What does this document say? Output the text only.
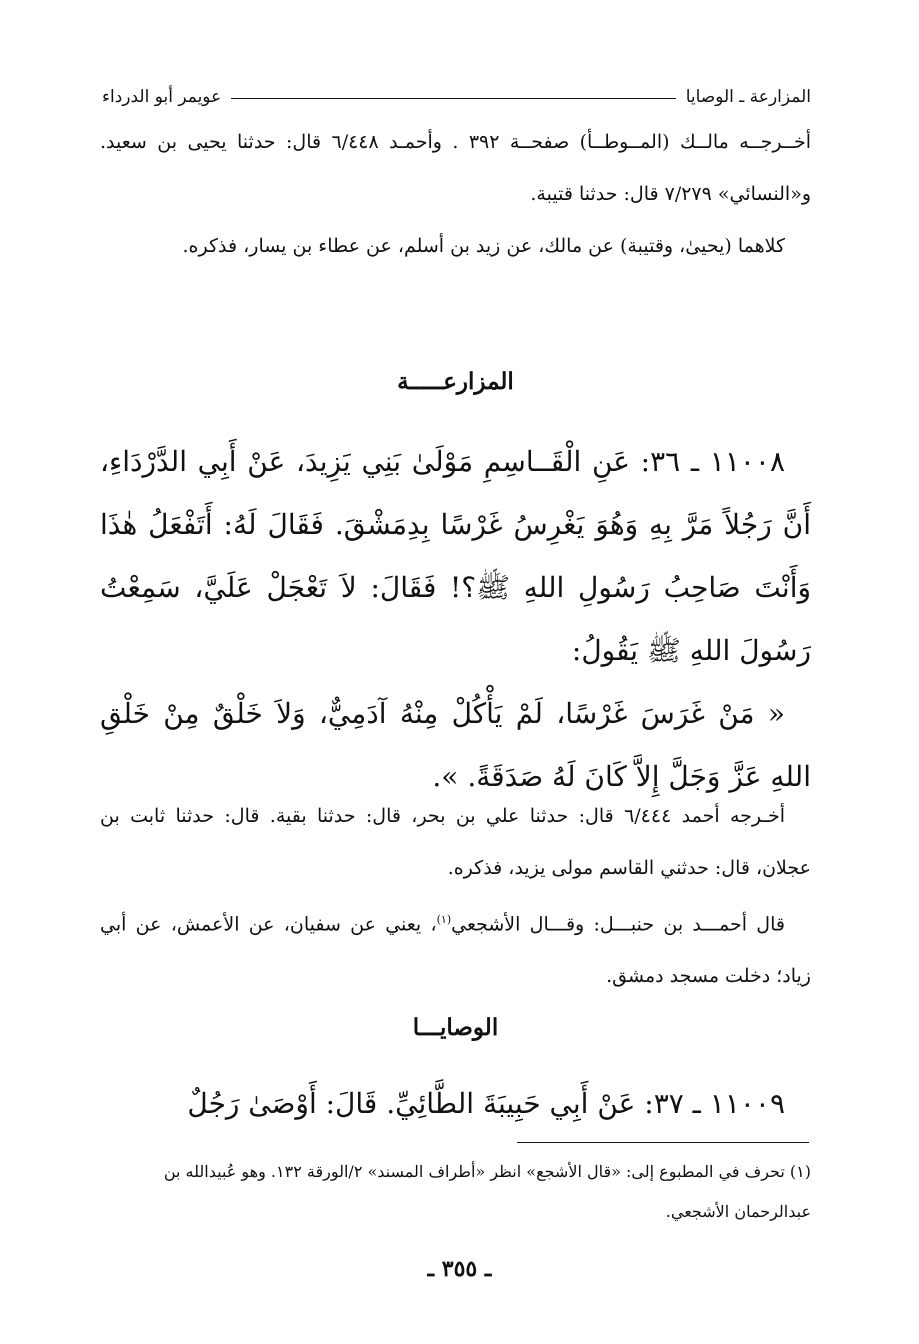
المزارعة ـ الوصايا
عويمر أبو الدرداء

أخــرجــه مالــك (المــوطــأ) صفحــة ٣٩٢ . وأحمـد ٦/٤٤٨ قال: حدثنا يحيى بن سعيد. و«النسائي» ٧/٢٧٩ قال: حدثنا قتيبة.

كلاهما (يحيىٰ، وقتيبة) عن مالك، عن زيد بن أسلم، عن عطاء بن يسار، فذكره.

المزارعـــــة

١١٠٠٨ ـ ٣٦: عَنِ الْقَــاسِمِ مَوْلَىٰ بَنِي يَزِيدَ، عَنْ أَبِي الدَّرْدَاءِ، أَنَّ رَجُلاً مَرَّ بِهِ وَهُوَ يَغْرِسُ غَرْسًا بِدِمَشْقَ. فَقَالَ لَهُ: أَتَفْعَلُ هٰذَا وَأَنْتَ صَاحِبُ رَسُولِ اللهِ ﷺ؟! فَقَالَ: لاَ تَعْجَلْ عَلَيَّ، سَمِعْتُ رَسُولَ اللهِ ﷺ يَقُولُ:

« مَنْ غَرَسَ غَرْسًا، لَمْ يَأْكُلْ مِنْهُ آدَمِيٌّ، وَلاَ خَلْقٌ مِنْ خَلْقِ اللهِ عَزَّ وَجَلَّ إِلاَّ كَانَ لَهُ صَدَقَةً. ».

أخـرجه أحمد ٦/٤٤٤ قال: حدثنا علي بن بحر، قال: حدثنا بقية. قال: حدثنا ثابت بن عجلان، قال: حدثني القاسم مولى يزيد، فذكره.

قال أحمـــد بن حنبـــل: وقـــال الأشجعي$^{(١)}$، يعني عن سفيان، عن الأعمش، عن أبي زياد؛ دخلت مسجد دمشق.

الوصايـــا

١١٠٠٩ ـ ٣٧: عَنْ أَبِي حَبِيبَةَ الطَّائِيِّ. قَالَ: أَوْصَىٰ رَجُلٌ

(١) تحرف في المطبوع إلى: «قال الأشجع» انظر «أطراف المسند» ٢/الورقة ١٣٢. وهو عُبيدالله بن عبدالرحمان الأشجعي.

ـ ٣٥٥ ـ
